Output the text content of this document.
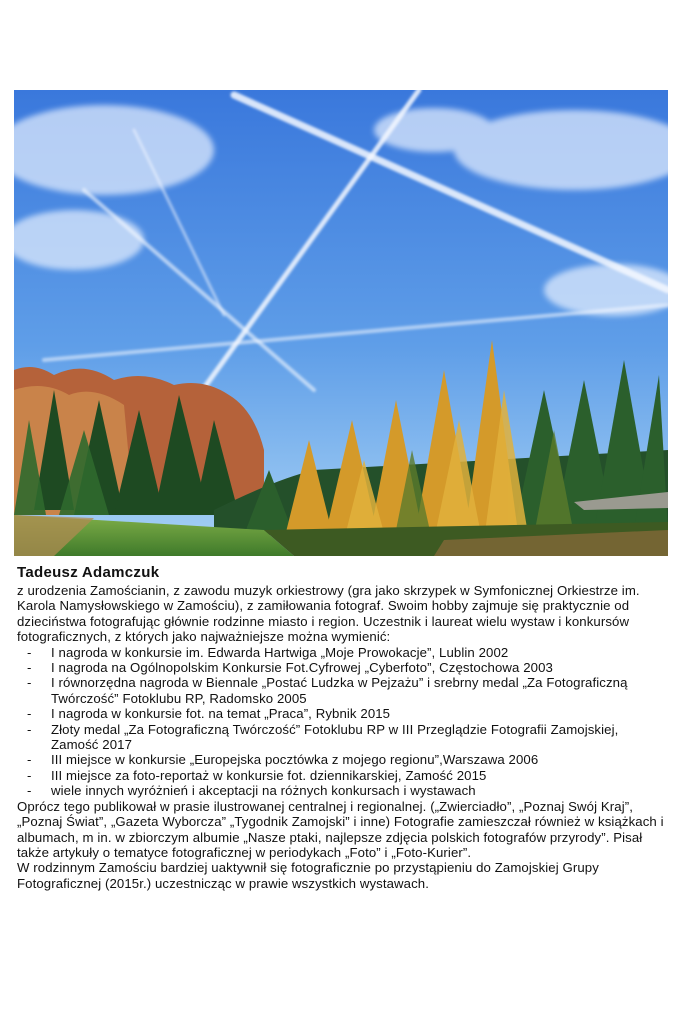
Tadeusz Adamczuk

z urodzenia Zamościanin, z zawodu muzyk orkiestrowy (gra jako skrzypek w Symfonicznej Orkiestrze im. Karola Namysłowskiego w Zamościu), z zamiłowania fotograf. Swoim hobby zajmuje się praktycznie od dzieciństwa fotografując głównie rodzinne miasto i region. Uczestnik i laureat wielu wystaw i konkursów fotograficznych, z których jako najważniejsze można wymienić:

- I nagroda w konkursie im. Edwarda Hartwiga „Moje Prowokacje”, Lublin 2002
- I nagroda na Ogólnopolskim Konkursie Fot.Cyfrowej „Cyberfoto”, Częstochowa 2003
- I równorzędna nagroda w Biennale „Postać Ludzka w Pejzażu” i srebrny medal „Za Fotograficzną Twórczość” Fotoklubu RP, Radomsko 2005
- I nagroda w konkursie fot. na temat „Praca”, Rybnik 2015
- Złoty medal „Za Fotograficzną Twórczość” Fotoklubu RP w III Przeglądzie Fotografii Zamojskiej, Zamość 2017
- III miejsce w konkursie „Europejska pocztówka z mojego regionu”,Warszawa 2006
- III miejsce za foto-reportaż w konkursie fot. dziennikarskiej, Zamość 2015
- wiele innych wyróżnień i akceptacji na różnych konkursach i wystawach

Oprócz tego publikował w prasie ilustrowanej centralnej i regionalnej. („Zwierciadło”, „Poznaj Swój Kraj”, „Poznaj Świat”, „Gazeta Wyborcza” „Tygodnik Zamojski” i inne) Fotografie zamieszczał również w książkach i albumach, m in. w zbiorczym albumie „Nasze ptaki, najlepsze zdjęcia polskich fotografów przyrody”. Pisał także artykuły o tematyce fotograficznej w periodykach „Foto” i „Foto-Kurier”.

W rodzinnym Zamościu bardziej uaktywnił się fotograficznie po przystąpieniu do Zamojskiej Grupy Fotograficznej (2015r.) uczestnicząc w prawie wszystkich wystawach.
